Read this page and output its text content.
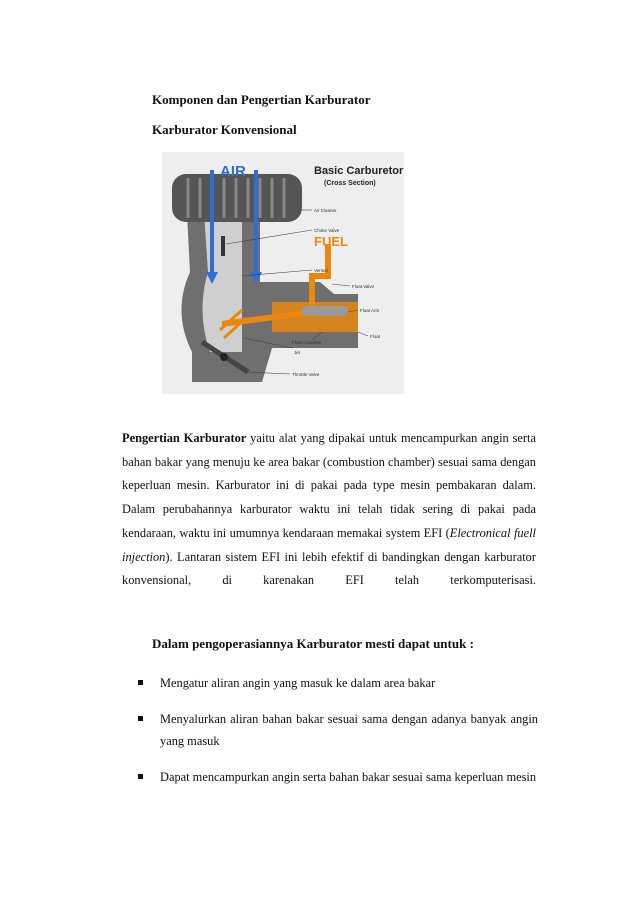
Komponen dan Pengertian Karburator
Karburator Konvensional
AIR	Basic Carburetor
(Cross Section)
FUEL
Air Cleaner
Choke Valve
Venturi
Float Valve
Float Arm
Float
Float Chamber
Jet
Throttle Valve

Pengertian Karburator yaitu alat yang dipakai untuk mencampurkan angin serta bahan bakar yang menuju ke area bakar (combustion chamber) sesuai sama dengan keperluan mesin. Karburator ini di pakai pada type mesin pembakaran dalam. Dalam perubahannya karburator waktu ini telah tidak sering di pakai pada kendaraan, waktu ini umumnya kendaraan memakai system EFI (Electronical fuell injection). Lantaran sistem EFI ini lebih efektif di bandingkan dengan karburator konvensional, di karenakan EFI telah terkomputerisasi.

Dalam pengoperasiannya Karburator mesti dapat untuk :
Mengatur aliran angin yang masuk ke dalam area bakar
Menyalurkan aliran bahan bakar sesuai sama dengan adanya banyak angin yang masuk
Dapat mencampurkan angin serta bahan bakar sesuai sama keperluan mesin
